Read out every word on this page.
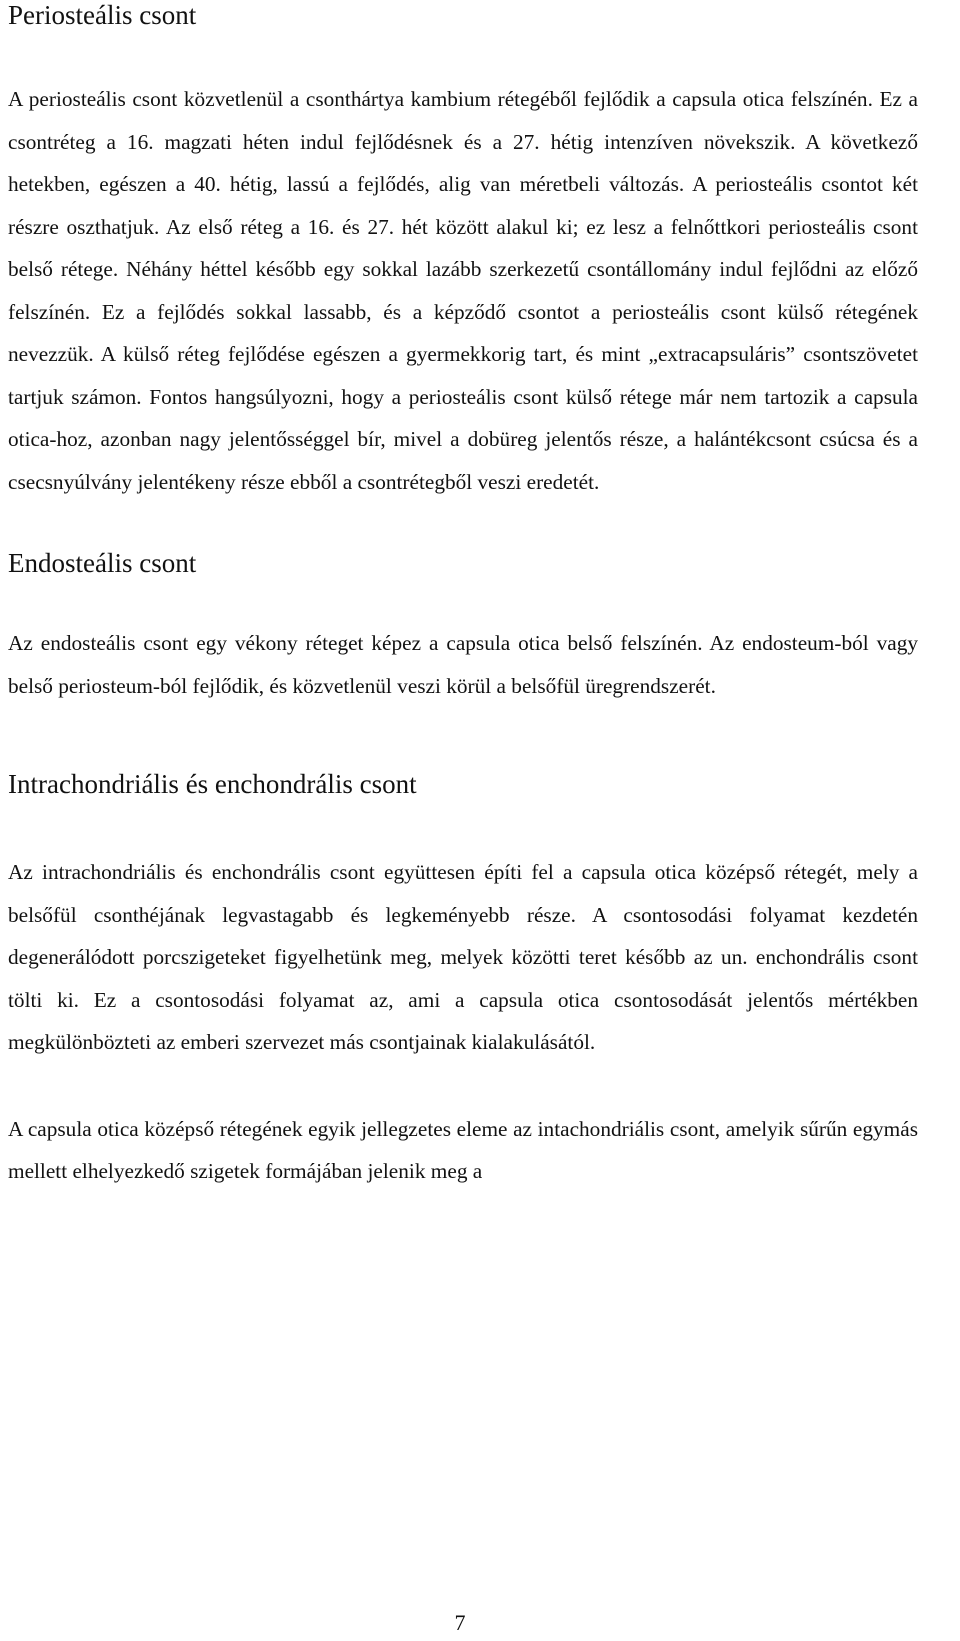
Periosteális csont

A periosteális csont közvetlenül a csonthártya kambium rétegéből fejlődik a capsula otica felszínén. Ez a csontréteg a 16. magzati héten indul fejlődésnek és a 27. hétig intenzíven növekszik. A következő hetekben, egészen a 40. hétig, lassú a fejlődés, alig van méretbeli változás. A periosteális csontot két részre oszthatjuk. Az első réteg a 16. és 27. hét között alakul ki; ez lesz a felnőttkori periosteális csont belső rétege. Néhány héttel később egy sokkal lazább szerkezetű csontállomány indul fejlődni az előző felszínén. Ez a fejlődés sokkal lassabb, és a képződő csontot a periosteális csont külső rétegének nevezzük. A külső réteg fejlődése egészen a gyermekkorig tart, és mint „extracapsuláris” csontszövetet tartjuk számon. Fontos hangsúlyozni, hogy a periosteális csont külső rétege már nem tartozik a capsula otica-hoz, azonban nagy jelentősséggel bír, mivel a dobüreg jelentős része, a halántékcsont csúcsa és a csecsnyúlvány jelentékeny része ebből a csontrétegből veszi eredetét.

Endosteális csont

Az endosteális csont egy vékony réteget képez a capsula otica belső felszínén. Az endosteum-ból vagy belső periosteum-ból fejlődik, és közvetlenül veszi körül a belsőfül üregrendszerét.

Intrachondriális és enchondrális csont

Az intrachondriális és enchondrális csont együttesen építi fel a capsula otica középső rétegét, mely a belsőfül csonthéjának legvastagabb és legkeményebb része. A csontosodási folyamat kezdetén degenerálódott porcszigeteket figyelhetünk meg, melyek közötti teret később az un. enchondrális csont tölti ki. Ez a csontosodási folyamat az, ami a capsula otica csontosodását jelentős mértékben megkülönbözteti az emberi szervezet más csontjainak kialakulásától.

A capsula otica középső rétegének egyik jellegzetes eleme az intachondriális csont, amelyik sűrűn egymás mellett elhelyezkedő szigetek formájában jelenik meg a

7
